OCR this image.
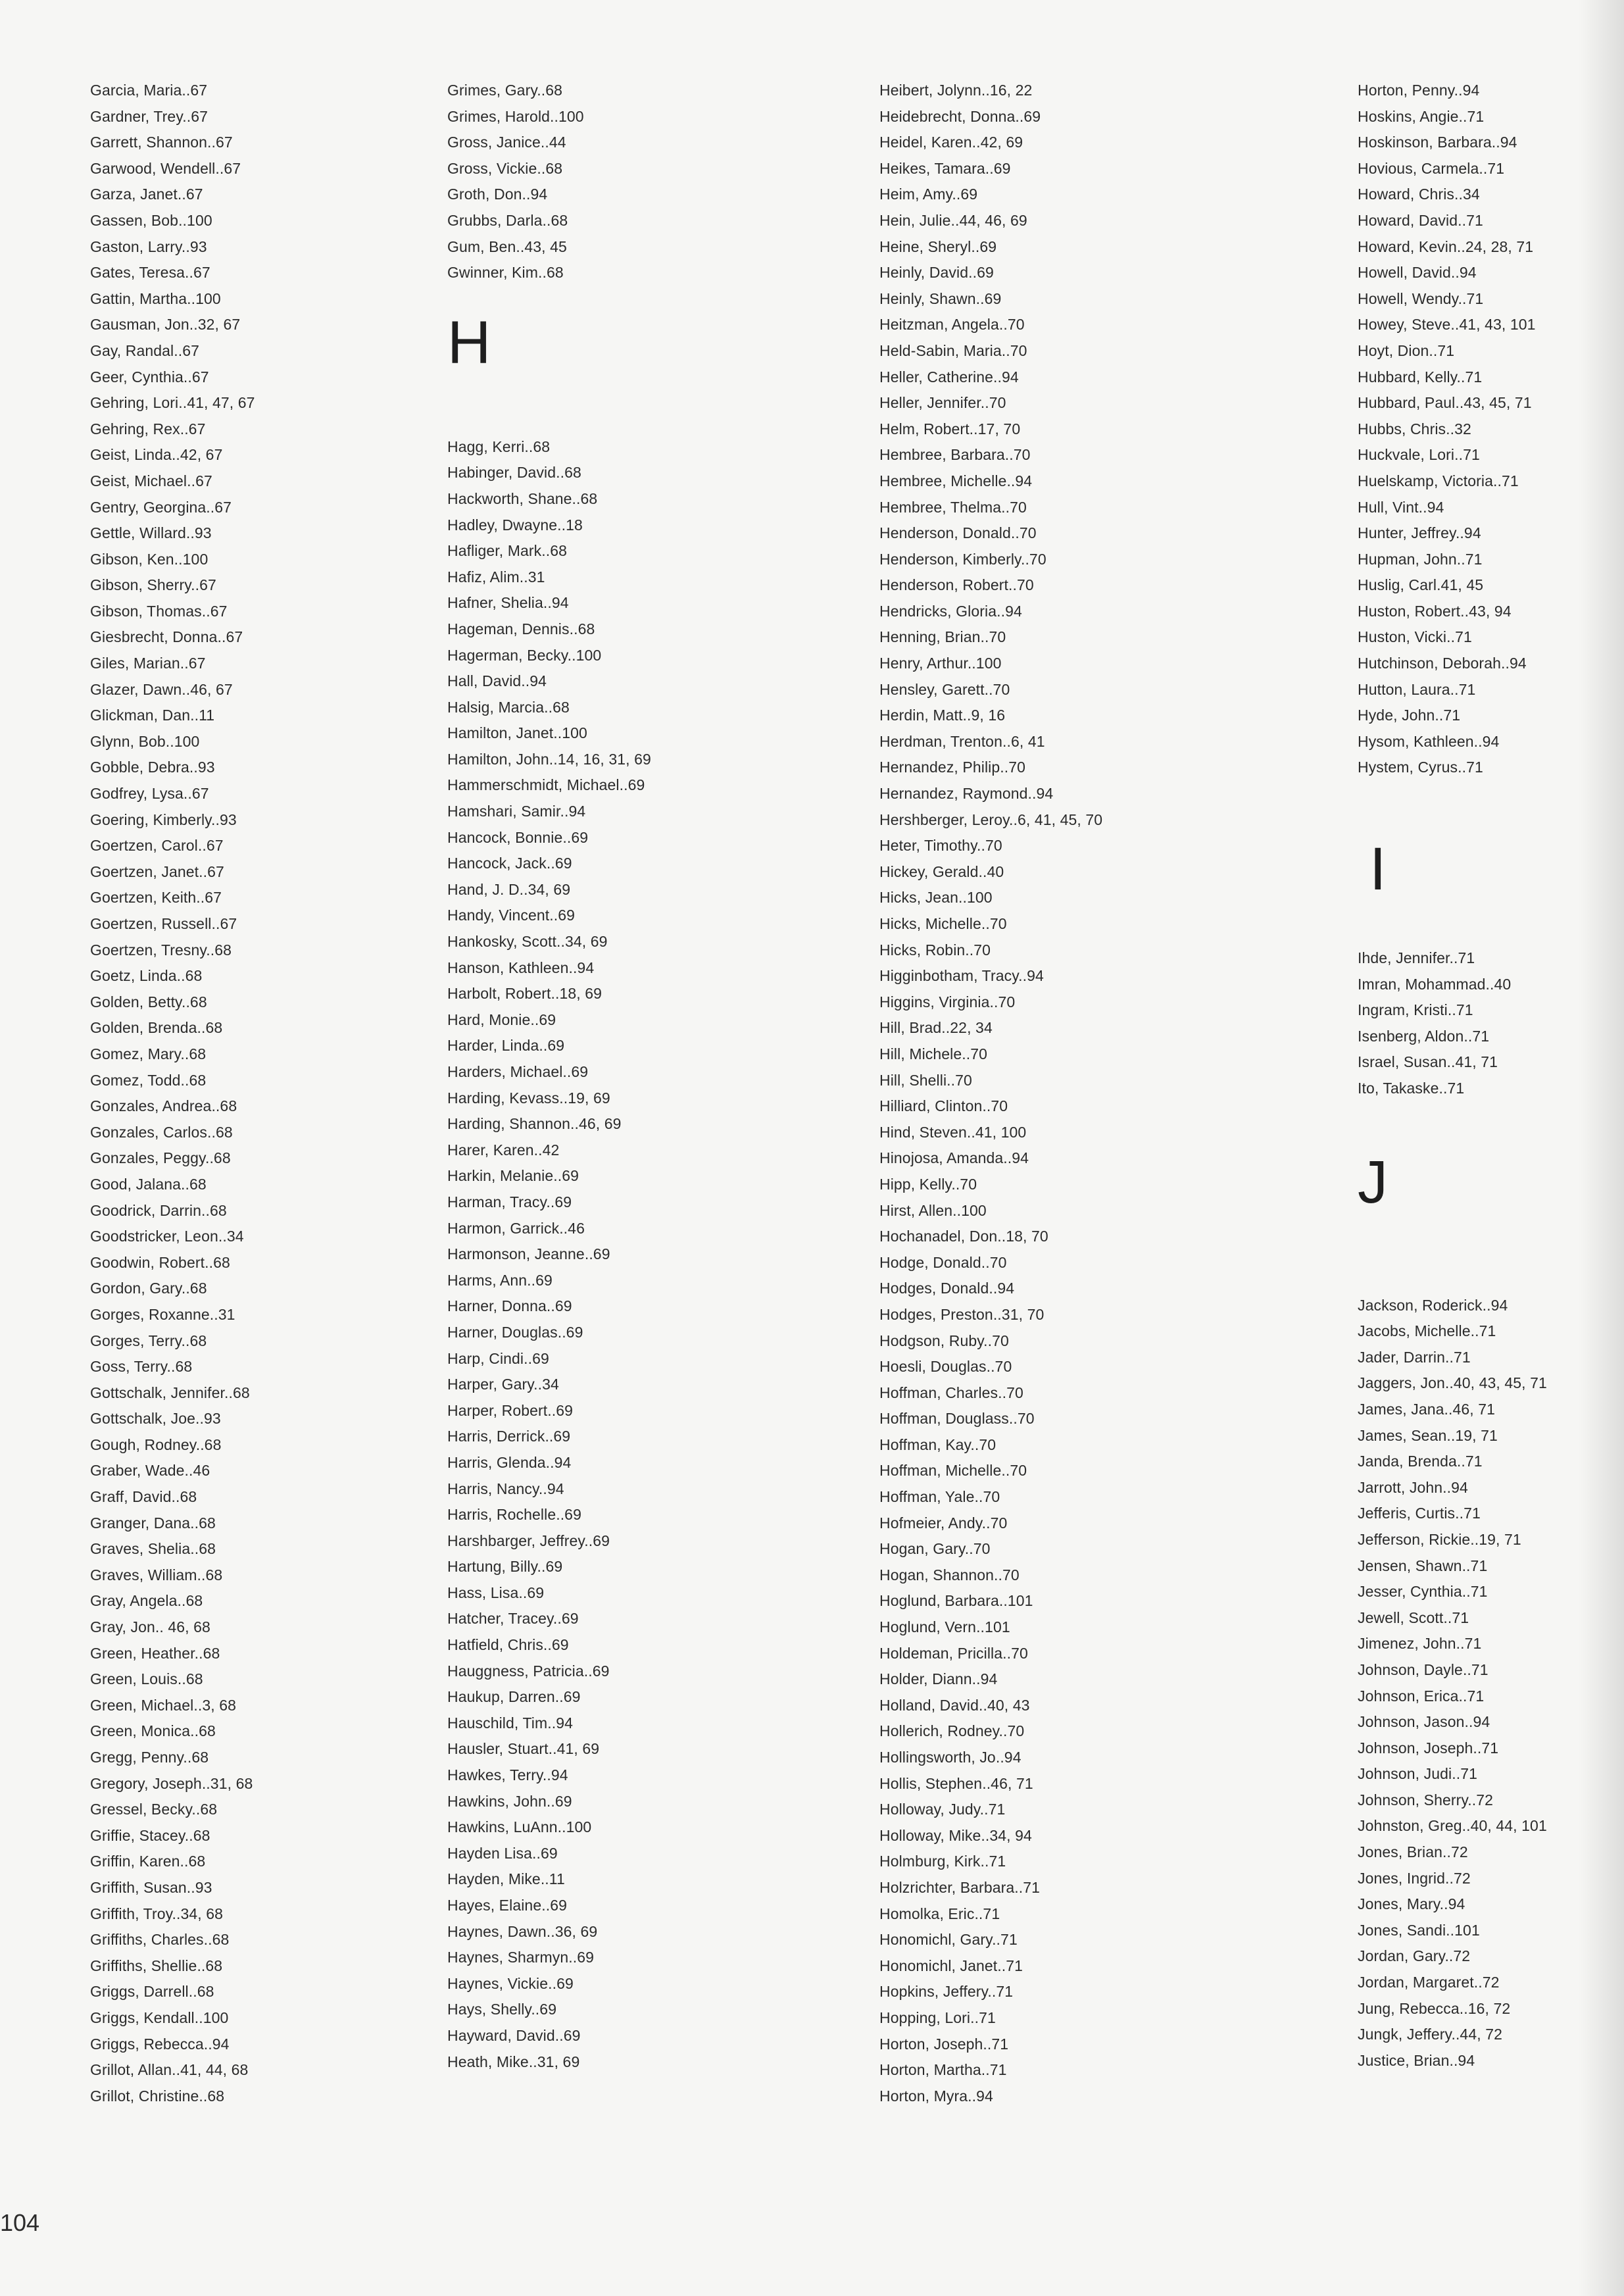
Garcia, Maria..67
Gardner, Trey..67
Garrett, Shannon..67
Garwood, Wendell..67
Garza, Janet..67
Gassen, Bob..100
Gaston, Larry..93
Gates, Teresa..67
Gattin, Martha..100
Gausman, Jon..32, 67
Gay, Randal..67
Geer, Cynthia..67
Gehring, Lori..41, 47, 67
Gehring, Rex..67
Geist, Linda..42, 67
Geist, Michael..67
Gentry, Georgina..67
Gettle, Willard..93
Gibson, Ken..100
Gibson, Sherry..67
Gibson, Thomas..67
Giesbrecht, Donna..67
Giles, Marian..67
Glazer, Dawn..46, 67
Glickman, Dan..11
Glynn, Bob..100
Gobble, Debra..93
Godfrey, Lysa..67
Goering, Kimberly..93
Goertzen, Carol..67
Goertzen, Janet..67
Goertzen, Keith..67
Goertzen, Russell..67
Goertzen, Tresny..68
Goetz, Linda..68
Golden, Betty..68
Golden, Brenda..68
Gomez, Mary..68
Gomez, Todd..68
Gonzales, Andrea..68
Gonzales, Carlos..68
Gonzales, Peggy..68
Good, Jalana..68
Goodrick, Darrin..68
Goodstricker, Leon..34
Goodwin, Robert..68
Gordon, Gary..68
Gorges, Roxanne..31
Gorges, Terry..68
Goss, Terry..68
Gottschalk, Jennifer..68
Gottschalk, Joe..93
Gough, Rodney..68
Graber, Wade..46
Graff, David..68
Granger, Dana..68
Graves, Shelia..68
Graves, William..68
Gray, Angela..68
Gray, Jon.. 46, 68
Green, Heather..68
Green, Louis..68
Green, Michael..3, 68
Green, Monica..68
Gregg, Penny..68
Gregory, Joseph..31, 68
Gressel, Becky..68
Griffie, Stacey..68
Griffin, Karen..68
Griffith, Susan..93
Griffith, Troy..34, 68
Griffiths, Charles..68
Griffiths, Shellie..68
Griggs, Darrell..68
Griggs, Kendall..100
Griggs, Rebecca..94
Grillot, Allan..41, 44, 68
Grillot, Christine..68
Grimes, Gary..68
Grimes, Harold..100
Gross, Janice..44
Gross, Vickie..68
Groth, Don..94
Grubbs, Darla..68
Gum, Ben..43, 45
Gwinner, Kim..68
H
Hagg, Kerri..68
Habinger, David..68
Hackworth, Shane..68
Hadley, Dwayne..18
Hafliger, Mark..68
Hafiz, Alim..31
Hafner, Shelia..94
Hageman, Dennis..68
Hagerman, Becky..100
Hall, David..94
Halsig, Marcia..68
Hamilton, Janet..100
Hamilton, John..14, 16, 31, 69
Hammerschmidt, Michael..69
Hamshari, Samir..94
Hancock, Bonnie..69
Hancock, Jack..69
Hand, J. D..34, 69
Handy, Vincent..69
Hankosky, Scott..34, 69
Hanson, Kathleen..94
Harbolt, Robert..18, 69
Hard, Monie..69
Harder, Linda..69
Harders, Michael..69
Harding, Kevass..19, 69
Harding, Shannon..46, 69
Harer, Karen..42
Harkin, Melanie..69
Harman, Tracy..69
Harmon, Garrick..46
Harmonson, Jeanne..69
Harms, Ann..69
Harner, Donna..69
Harner, Douglas..69
Harp, Cindi..69
Harper, Gary..34
Harper, Robert..69
Harris, Derrick..69
Harris, Glenda..94
Harris, Nancy..94
Harris, Rochelle..69
Harshbarger, Jeffrey..69
Hartung, Billy..69
Hass, Lisa..69
Hatcher, Tracey..69
Hatfield, Chris..69
Hauggness, Patricia..69
Haukup, Darren..69
Hauschild, Tim..94
Hausler, Stuart..41, 69
Hawkes, Terry..94
Hawkins, John..69
Hawkins, LuAnn..100
Hayden Lisa..69
Hayden, Mike..11
Hayes, Elaine..69
Haynes, Dawn..36, 69
Haynes, Sharmyn..69
Haynes, Vickie..69
Hays, Shelly..69
Hayward, David..69
Heath, Mike..31, 69
Heibert, Jolynn..16, 22
Heidebrecht, Donna..69
Heidel, Karen..42, 69
Heikes, Tamara..69
Heim, Amy..69
Hein, Julie..44, 46, 69
Heine, Sheryl..69
Heinly, David..69
Heinly, Shawn..69
Heitzman, Angela..70
Held-Sabin, Maria..70
Heller, Catherine..94
Heller, Jennifer..70
Helm, Robert..17, 70
Hembree, Barbara..70
Hembree, Michelle..94
Hembree, Thelma..70
Henderson, Donald..70
Henderson, Kimberly..70
Henderson, Robert..70
Hendricks, Gloria..94
Henning, Brian..70
Henry, Arthur..100
Hensley, Garett..70
Herdin, Matt..9, 16
Herdman, Trenton..6, 41
Hernandez, Philip..70
Hernandez, Raymond..94
Hershberger, Leroy..6, 41, 45, 70
Heter, Timothy..70
Hickey, Gerald..40
Hicks, Jean..100
Hicks, Michelle..70
Hicks, Robin..70
Higginbotham, Tracy..94
Higgins, Virginia..70
Hill, Brad..22, 34
Hill, Michele..70
Hill, Shelli..70
Hilliard, Clinton..70
Hind, Steven..41, 100
Hinojosa, Amanda..94
Hipp, Kelly..70
Hirst, Allen..100
Hochanadel, Don..18, 70
Hodge, Donald..70
Hodges, Donald..94
Hodges, Preston..31, 70
Hodgson, Ruby..70
Hoesli, Douglas..70
Hoffman, Charles..70
Hoffman, Douglass..70
Hoffman, Kay..70
Hoffman, Michelle..70
Hoffman, Yale..70
Hofmeier, Andy..70
Hogan, Gary..70
Hogan, Shannon..70
Hoglund, Barbara..101
Hoglund, Vern..101
Holdeman, Pricilla..70
Holder, Diann..94
Holland, David..40, 43
Hollerich, Rodney..70
Hollingsworth, Jo..94
Hollis, Stephen..46, 71
Holloway, Judy..71
Holloway, Mike..34, 94
Holmburg, Kirk..71
Holzrichter, Barbara..71
Homolka, Eric..71
Honomichl, Gary..71
Honomichl, Janet..71
Hopkins, Jeffery..71
Hopping, Lori..71
Horton, Joseph..71
Horton, Martha..71
Horton, Myra..94
Horton, Penny..94
Hoskins, Angie..71
Hoskinson, Barbara..94
Hovious, Carmela..71
Howard, Chris..34
Howard, David..71
Howard, Kevin..24, 28, 71
Howell, David..94
Howell, Wendy..71
Howey, Steve..41, 43, 101
Hoyt, Dion..71
Hubbard, Kelly..71
Hubbard, Paul..43, 45, 71
Hubbs, Chris..32
Huckvale, Lori..71
Huelskamp, Victoria..71
Hull, Vint..94
Hunter, Jeffrey..94
Hupman, John..71
Huslig, Carl.41, 45
Huston, Robert..43, 94
Huston, Vicki..71
Hutchinson, Deborah..94
Hutton, Laura..71
Hyde, John..71
Hysom, Kathleen..94
Hystem, Cyrus..71
I
Ihde, Jennifer..71
Imran, Mohammad..40
Ingram, Kristi..71
Isenberg, Aldon..71
Israel, Susan..41, 71
Ito, Takaske..71
J
Jackson, Roderick..94
Jacobs, Michelle..71
Jader, Darrin..71
Jaggers, Jon..40, 43, 45, 71
James, Jana..46, 71
James, Sean..19, 71
Janda, Brenda..71
Jarrott, John..94
Jefferis, Curtis..71
Jefferson, Rickie..19, 71
Jensen, Shawn..71
Jesser, Cynthia..71
Jewell, Scott..71
Jimenez, John..71
Johnson, Dayle..71
Johnson, Erica..71
Johnson, Jason..94
Johnson, Joseph..71
Johnson, Judi..71
Johnson, Sherry..72
Johnston, Greg..40, 44, 101
Jones, Brian..72
Jones, Ingrid..72
Jones, Mary..94
Jones, Sandi..101
Jordan, Gary..72
Jordan, Margaret..72
Jung, Rebecca..16, 72
Jungk, Jeffery..44, 72
Justice, Brian..94
104
